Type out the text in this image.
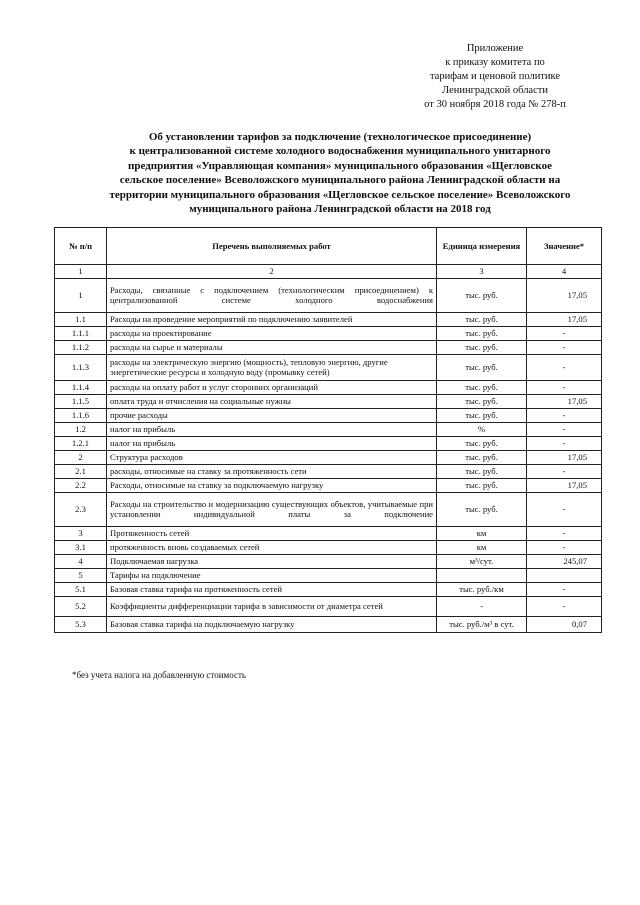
Приложение
к приказу комитета по
тарифам и ценовой политике
Ленинградской области
от 30 ноября 2018 года № 278-п
Об установлении тарифов за подключение (технологическое присоединение)
к централизованной системе холодного водоснабжения муниципального унитарного
предприятия «Управляющая компания» муниципального образования «Щегловское
сельское поселение» Всеволожского муниципального района Ленинградской области на
территории муниципального образования «Щегловское сельское поселение» Всеволожского
муниципального района Ленинградской области на 2018 год
№ п/п	Перечень выполняемых работ	Единица измерения	Значение*
1	2	3	4
1	Расходы, связанные с подключением (технологическим присоединением) к централизованной системе холодного водоснабжения	тыс. руб.	17,05
1.1	Расходы на проведение мероприятий по подключению заявителей	тыс. руб.	17,05
1.1.1	расходы на проектирование	тыс. руб.	-
1.1.2	расходы на сырье и материалы	тыс. руб.	-
1.1.3	расходы на электрическую энергию (мощность), тепловую энергию, другие энергетические ресурсы и холодную воду (промывку сетей)	тыс. руб.	-
1.1.4	расходы на оплату работ и услуг сторонних организаций	тыс. руб.	-
1.1.5	оплата труда и отчисления на социальные нужны	тыс. руб.	17,05
1.1.6	прочие расходы	тыс. руб.	-
1.2	налог на прибыль	%	-
1.2.1	налог на прибыль	тыс. руб.	-
2	Структура расходов	тыс. руб.	17,05
2.1	расходы, относимые на ставку за протяженность сети	тыс. руб.	-
2.2	Расходы, относимые на ставку за подключаемую нагрузку	тыс. руб.	17,05
2.3	Расходы на строительство и модернизацию существующих объектов, учитываемые при установлении индивидуальной платы за подключение	тыс. руб.	-
3	Протяженность сетей	км	-
3.1	протяженность вновь создаваемых сетей	км	-
4	Подключаемая нагрузка	м³/сут.	245,07
5	Тарифы на подключение		
5.1	Базовая ставка тарифа на протяженность сетей	тыс. руб./км	-
5.2	Коэффициенты дифференциации тарифа в зависимости от диаметра сетей	-	-
5.3	Базовая ставка тарифа на подключаемую нагрузку	тыс. руб./м³ в сут.	0,07
*без учета налога на добавленную стоимость
